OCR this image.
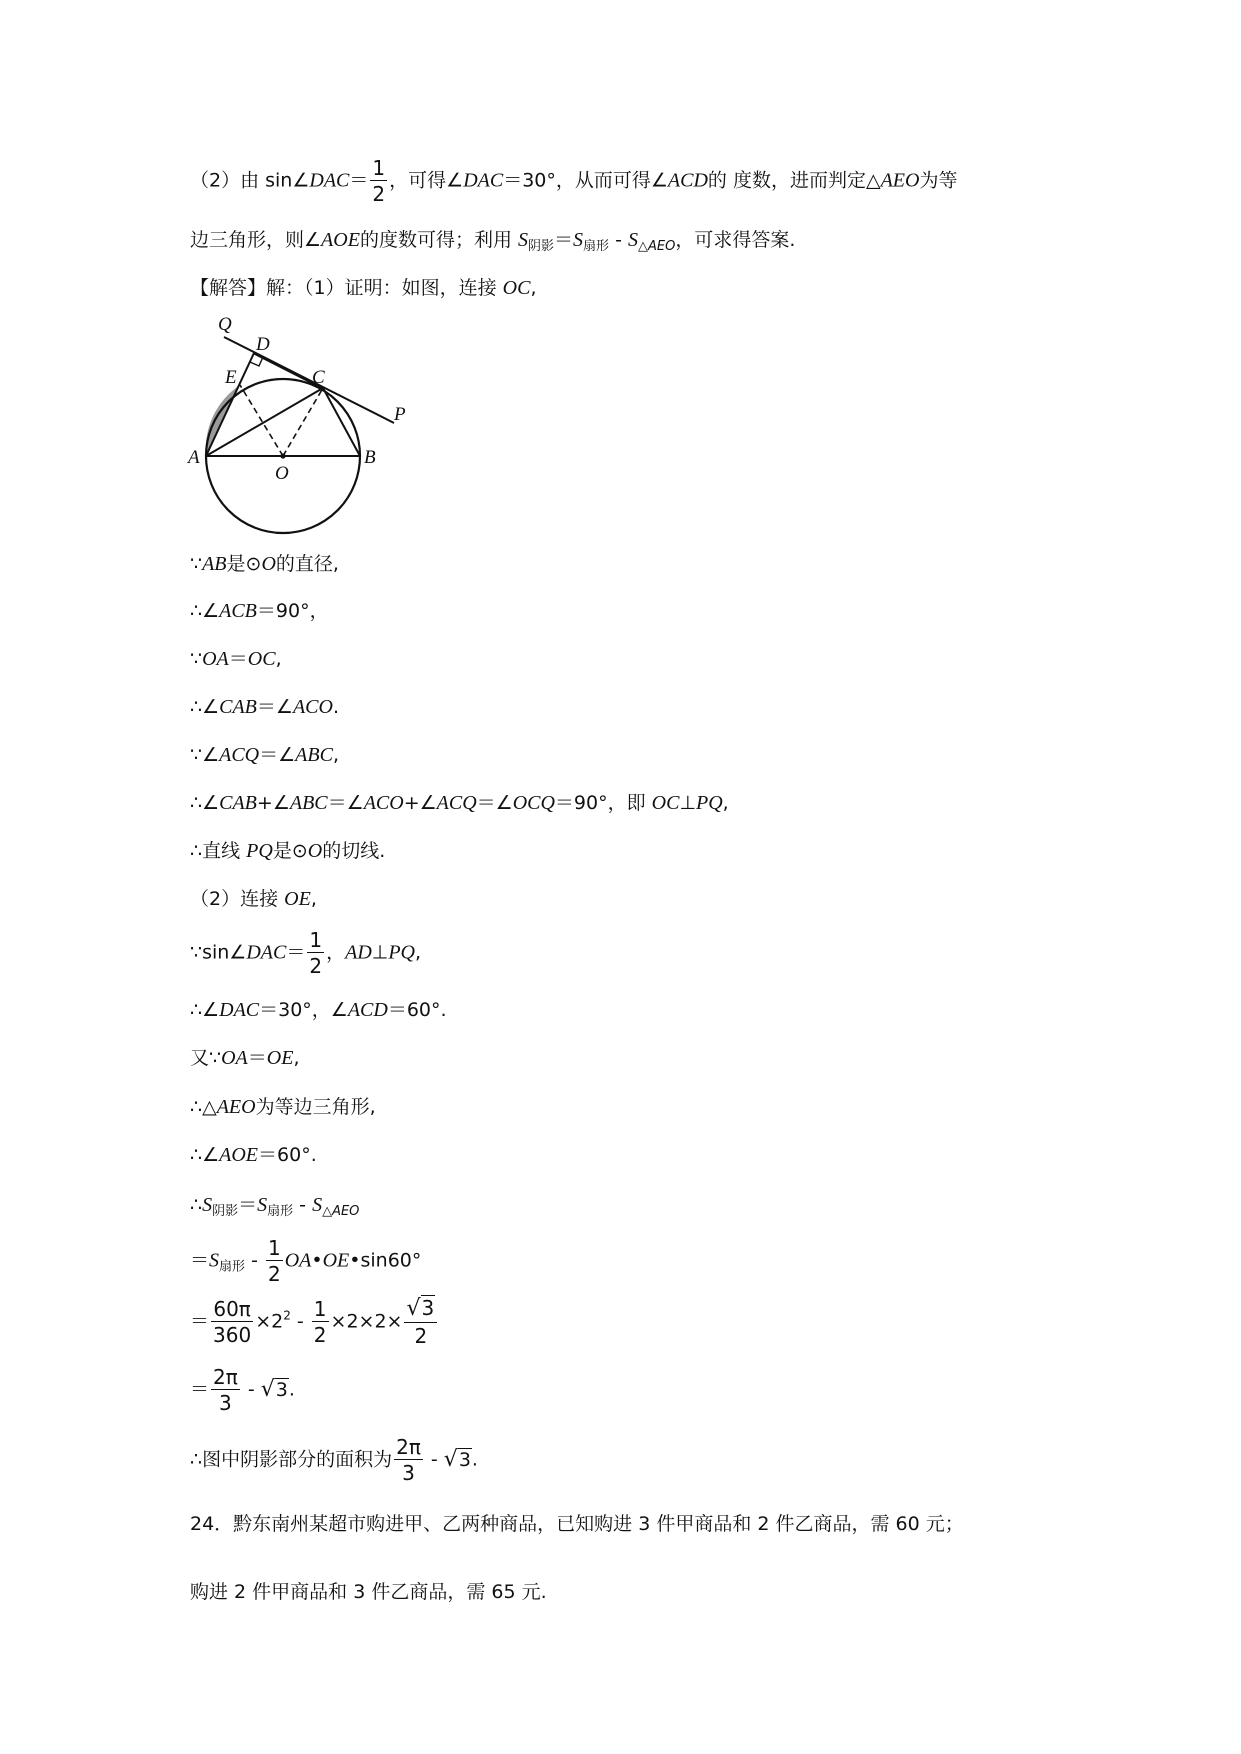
（2）由 sin∠DAC＝ $\frac{1}{2}$ ，可得∠DAC＝30°，从而可得∠ACD的 度数，进而判定△AEO为等
边三角形，则∠AOE的度数可得；利用 $S_{阴影}=S_{扇形} - S_{\triangle AEO}$，可求得答案.
【解答】解：（1）证明：如图，连接 OC,
Q
D
E	C
P
A
O
B
∵AB是⊙O的直径,
∴∠ACB＝90°，
∵OA＝OC,
∴∠CAB＝∠ACO.
∵∠ACQ＝∠ABC,
∴∠CAB+∠ABC＝∠ACO+∠ACQ＝∠OCQ＝90°，即 OC⊥PQ,
∴直线 PQ是⊙O的切线.
（2）连接 OE,
∵sin∠DAC＝ $\frac{1}{2}$ ，AD⊥PQ,
∴∠DAC＝30°，∠ACD＝60°.
又∵OA＝OE,
∴△AEO为等边三角形,
∴∠AOE＝60°.
$\therefore S_{阴影}=S_{扇形} - S_{\triangle AEO}$
$=S_{扇形} - \frac{1}{2}$ OA•OE•sin60°
＝ $\frac{60\pi}{360} \times 2^2 - \frac{1}{2} \times 2\times 2\times \frac{√3}{2}$
＝ $\frac{2\pi}{3} - √3$.
∴图中阴影部分的面积为 $\frac{2\pi}{3} - √3$.
24．黔东南州某超市购进甲、乙两种商品，已知购进 3 件甲商品和 2 件乙商品，需 60 元；
购进 2 件甲商品和 3 件乙商品，需 65 元.
